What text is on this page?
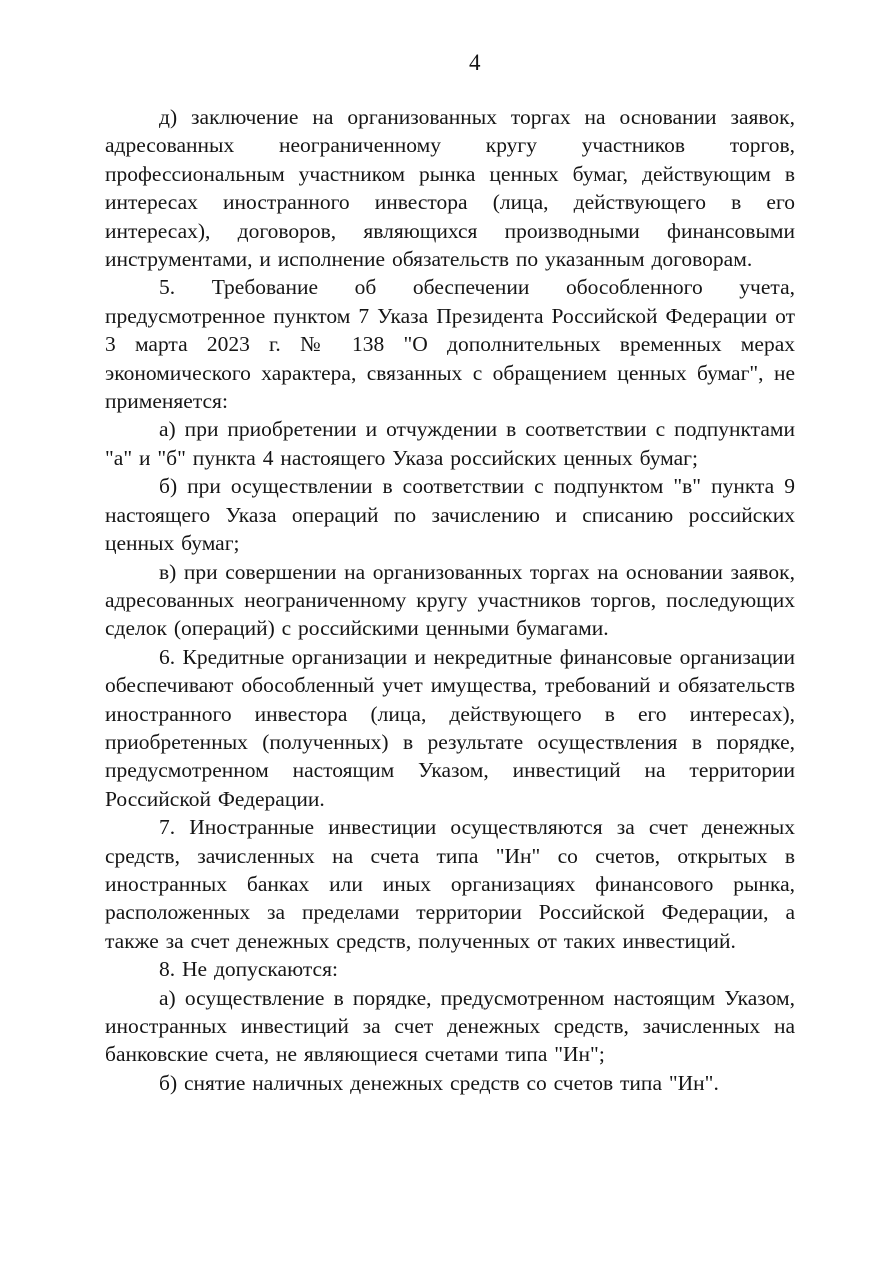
4

д) заключение на организованных торгах на основании заявок, адресованных неограниченному кругу участников торгов, профессиональным участником рынка ценных бумаг, действующим в интересах иностранного инвестора (лица, действующего в его интересах), договоров, являющихся производными финансовыми инструментами, и исполнение обязательств по указанным договорам.

5. Требование об обеспечении обособленного учета, предусмотренное пунктом 7 Указа Президента Российской Федерации от 3 марта 2023 г. № 138 "О дополнительных временных мерах экономического характера, связанных с обращением ценных бумаг", не применяется:

а) при приобретении и отчуждении в соответствии с подпунктами "а" и "б" пункта 4 настоящего Указа российских ценных бумаг;

б) при осуществлении в соответствии с подпунктом "в" пункта 9 настоящего Указа операций по зачислению и списанию российских ценных бумаг;

в) при совершении на организованных торгах на основании заявок, адресованных неограниченному кругу участников торгов, последующих сделок (операций) с российскими ценными бумагами.

6. Кредитные организации и некредитные финансовые организации обеспечивают обособленный учет имущества, требований и обязательств иностранного инвестора (лица, действующего в его интересах), приобретенных (полученных) в результате осуществления в порядке, предусмотренном настоящим Указом, инвестиций на территории Российской Федерации.

7. Иностранные инвестиции осуществляются за счет денежных средств, зачисленных на счета типа "Ин" со счетов, открытых в иностранных банках или иных организациях финансового рынка, расположенных за пределами территории Российской Федерации, а также за счет денежных средств, полученных от таких инвестиций.

8. Не допускаются:

а) осуществление в порядке, предусмотренном настоящим Указом, иностранных инвестиций за счет денежных средств, зачисленных на банковские счета, не являющиеся счетами типа "Ин";

б) снятие наличных денежных средств со счетов типа "Ин".
